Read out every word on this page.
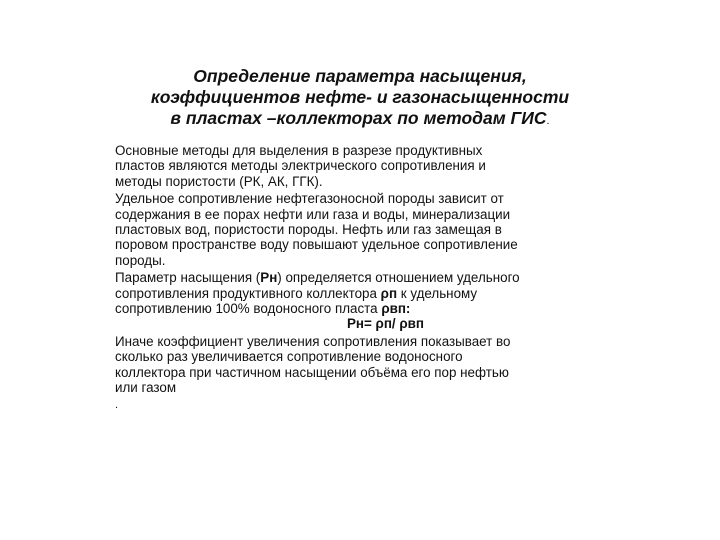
Определение параметра насыщения,
коэффициентов нефте- и газонасыщенности
в пластах –коллекторах по методам ГИС.

Основные методы для выделения в разрезе продуктивных
пластов являются методы электрического сопротивления и
методы пористости (РК, АК, ГГК).

Удельное сопротивление нефтегазоносной породы зависит от
содержания в ее порах нефти или газа и воды, минерализации
пластовых вод, пористости породы. Нефть или газ замещая в
поровом пространстве воду повышают удельное сопротивление
породы.

Параметр насыщения (Рн) определяется отношением удельного
сопротивления продуктивного коллектора ρп к удельному
сопротивлению 100% водоносного пласта ρвп:

Рн= ρп/ ρвп

Иначе коэффициент увеличения сопротивления показывает во
сколько раз увеличивается сопротивление водоносного
коллектора при частичном насыщении объёма его пор нефтью
или газом

.
